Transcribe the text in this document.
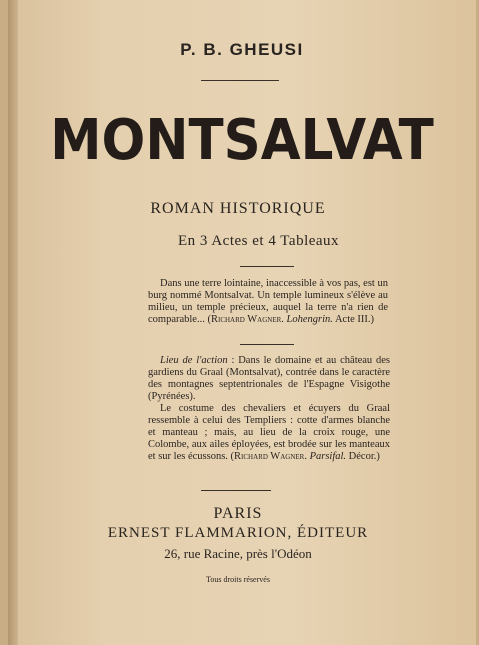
P. B. GHEUSI
MONTSALVAT
ROMAN HISTORIQUE
En 3 Actes et 4 Tableaux
Dans une terre lointaine, inaccessible à vos pas, est un burg nommé Montsalvat. Un temple lumineux s'élève au milieu, un temple précieux, auquel la terre n'a rien de comparable... (Richard Wagner. Lohengrin. Acte III.)
Lieu de l'action : Dans le domaine et au château des gardiens du Graal (Montsalvat), contrée dans le caractère des montagnes septentrionales de l'Espagne Visigothe (Pyrénées).
Le costume des chevaliers et écuyers du Graal ressemble à celui des Templiers : cotte d'armes blanche et manteau ; mais, au lieu de la croix rouge, une Colombe, aux ailes éployées, est brodée sur les manteaux et sur les écussons. (Richard Wagner. Parsifal. Décor.)
PARIS
ERNEST FLAMMARION, ÉDITEUR
26, rue Racine, près l'Odéon
Tous droits réservés
